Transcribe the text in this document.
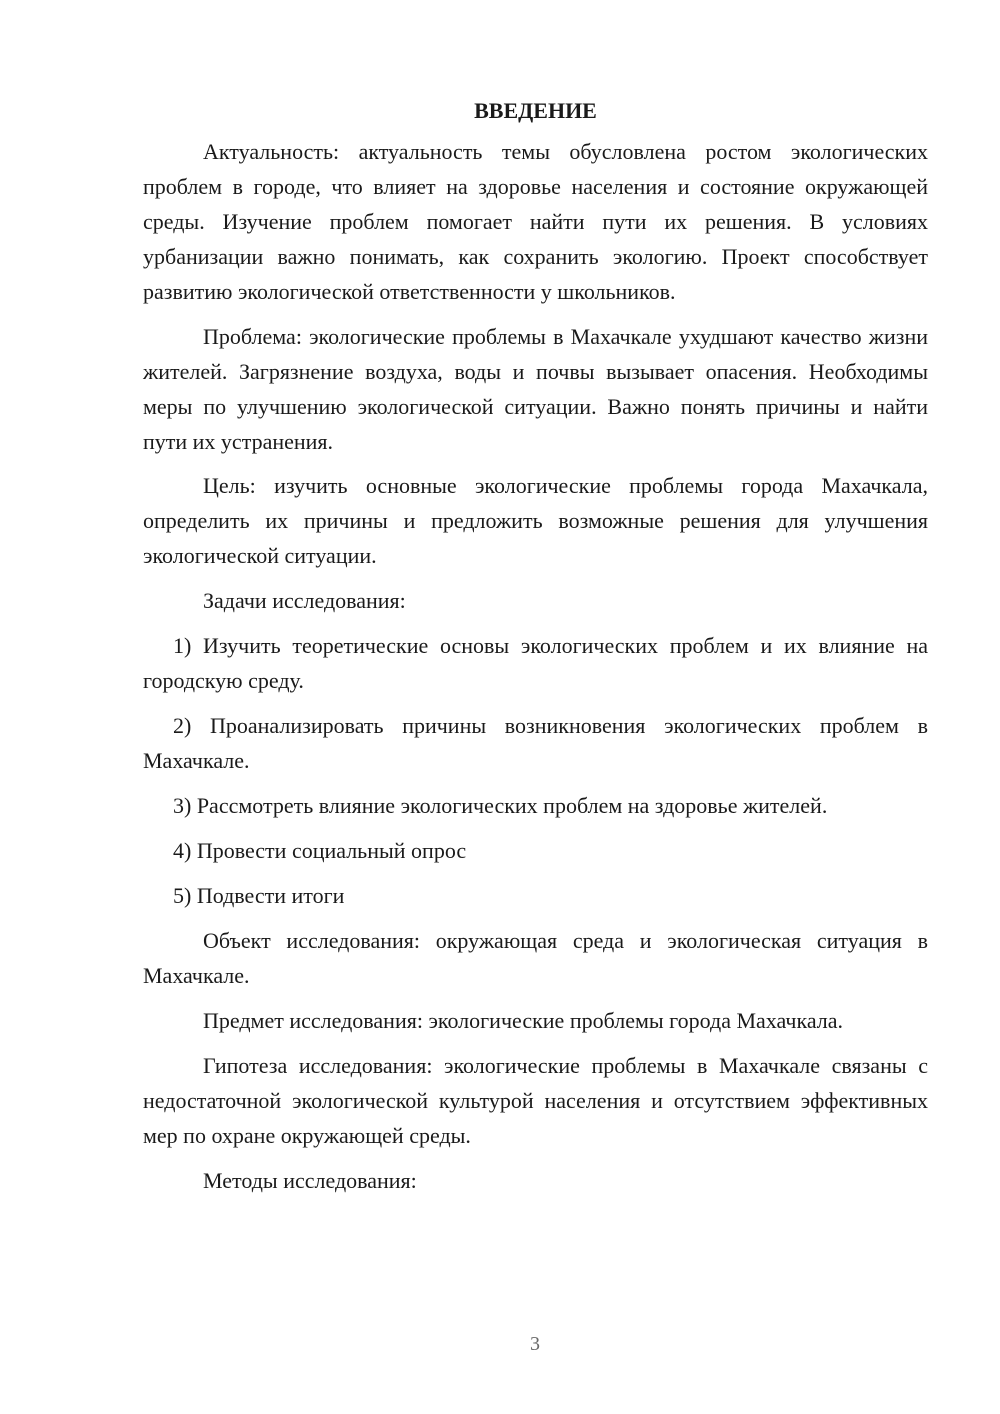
ВВЕДЕНИЕ

Актуальность: актуальность темы обусловлена ростом экологических проблем в городе, что влияет на здоровье населения и состояние окружающей среды. Изучение проблем помогает найти пути их решения. В условиях урбанизации важно понимать, как сохранить экологию. Проект способствует развитию экологической ответственности у школьников.

Проблема: экологические проблемы в Махачкале ухудшают качество жизни жителей. Загрязнение воздуха, воды и почвы вызывает опасения. Необходимы меры по улучшению экологической ситуации. Важно понять причины и найти пути их устранения.

Цель: изучить основные экологические проблемы города Махачкала, определить их причины и предложить возможные решения для улучшения экологической ситуации.

Задачи исследования:

1) Изучить теоретические основы экологических проблем и их влияние на городскую среду.

2) Проанализировать причины возникновения экологических проблем в Махачкале.

3) Рассмотреть влияние экологических проблем на здоровье жителей.

4) Провести социальный опрос

5) Подвести итоги

Объект исследования: окружающая среда и экологическая ситуация в Махачкале.

Предмет исследования: экологические проблемы города Махачкала.

Гипотеза исследования: экологические проблемы в Махачкале связаны с недостаточной экологической культурой населения и отсутствием эффективных мер по охране окружающей среды.

Методы исследования:

3
